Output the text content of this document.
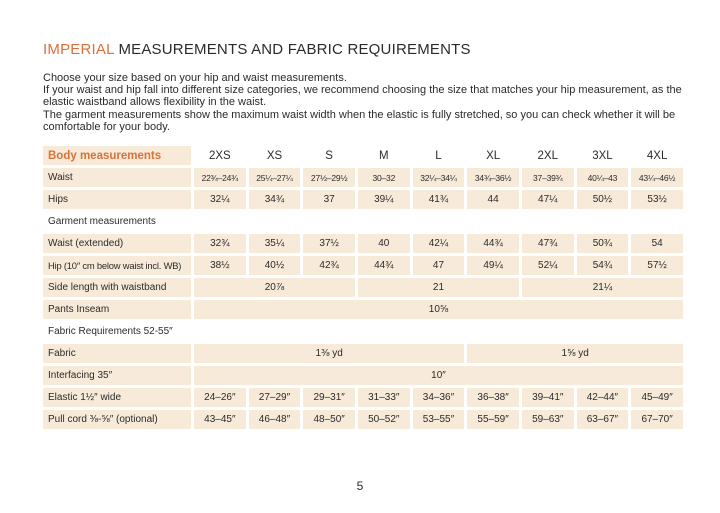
IMPERIAL MEASUREMENTS AND FABRIC REQUIREMENTS

Choose your size based on your hip and waist measurements.

If your waist and hip fall into different size categories, we recommend choosing the size that matches your hip measurement, as the elastic waistband allows flexibility in the waist.

The garment measurements show the maximum waist width when the elastic is fully stretched, so you can check whether it will be comfortable for your body.

Body measurements	2XS	XS	S	M	L	XL	2XL	3XL	4XL
Waist	22¾–24¾	25¼–27¼	27½–29½	30–32	32¼–34¼	34¾–36½	37–39¾	40¼–43	43¼–46½
Hips	32¼	34¾	37	39¼	41¾	44	47¼	50½	53½
Garment measurements									
Waist (extended)	32¾	35¼	37½	40	42¼	44¾	47¾	50¾	54
Hip (10″ cm below waist incl. WB)	38½	40½	42¾	44¾	47	49¼	52¼	54¾	57½
Side length with waistband	20⅞			21			21¼		
Pants Inseam	10⅝								
Fabric Requirements 52-55″									
Fabric	1⅜ yd					1⅝ yd			
Interfacing 35″	10″								
Elastic 1½″ wide	24–26″	27–29″	29–31″	31–33″	34–36″	36–38″	39–41″	42–44″	45–49″
Pull cord ⅜-⅝″ (optional)	43–45″	46–48″	48–50″	50–52″	53–55″	55–59″	59–63″	63–67″	67–70″
5
